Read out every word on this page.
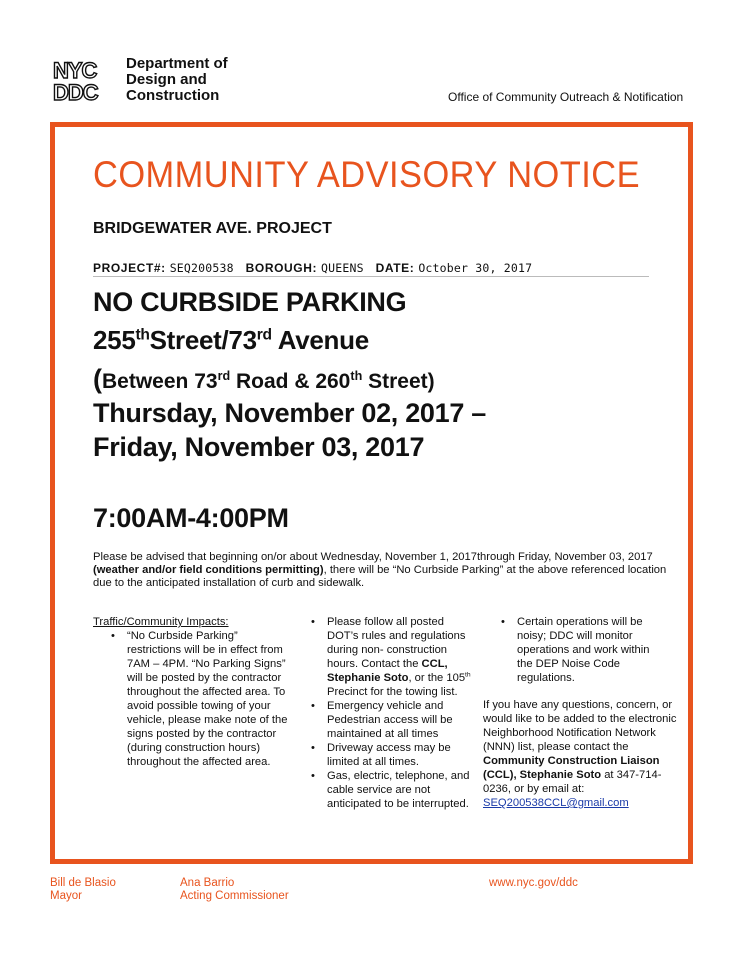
NYC
DDC
Department of
Design and
Construction	Office of Community Outreach & Notification
COMMUNITY ADVISORY NOTICE
BRIDGEWATER AVE. PROJECT
PROJECT#: SEQ200538 BOROUGH: QUEENS DATE: October 30, 2017
NO CURBSIDE PARKING
255thStreet/73rd Avenue
(Between 73rd Road & 260th Street)
Thursday, November 02, 2017 –
Friday, November 03, 2017
7:00AM-4:00PM
Please be advised that beginning on/or about Wednesday, November 1, 2017through Friday, November 03, 2017 (weather and/or field conditions permitting), there will be “No Curbside Parking” at the above referenced location due to the anticipated installation of curb and sidewalk.
Traffic/Community Impacts:
• “No Curbside Parking” restrictions will be in effect from 7AM – 4PM. “No Parking Signs” will be posted by the contractor throughout the affected area. To avoid possible towing of your vehicle, please make note of the signs posted by the contractor (during construction hours) throughout the affected area.
• Please follow all posted DOT’s rules and regulations during non- construction hours. Contact the CCL, Stephanie Soto, or the 105th Precinct for the towing list.
• Emergency vehicle and Pedestrian access will be maintained at all times
• Driveway access may be limited at all times.
• Gas, electric, telephone, and cable service are not anticipated to be interrupted.
• Certain operations will be noisy; DDC will monitor operations and work within the DEP Noise Code regulations.
If you have any questions, concern, or would like to be added to the electronic Neighborhood Notification Network (NNN) list, please contact the Community Construction Liaison (CCL), Stephanie Soto at 347-714-0236, or by email at:
SEQ200538CCL@gmail.com
Bill de Blasio
Mayor
Ana Barrio
Acting Commissioner
www.nyc.gov/ddc
